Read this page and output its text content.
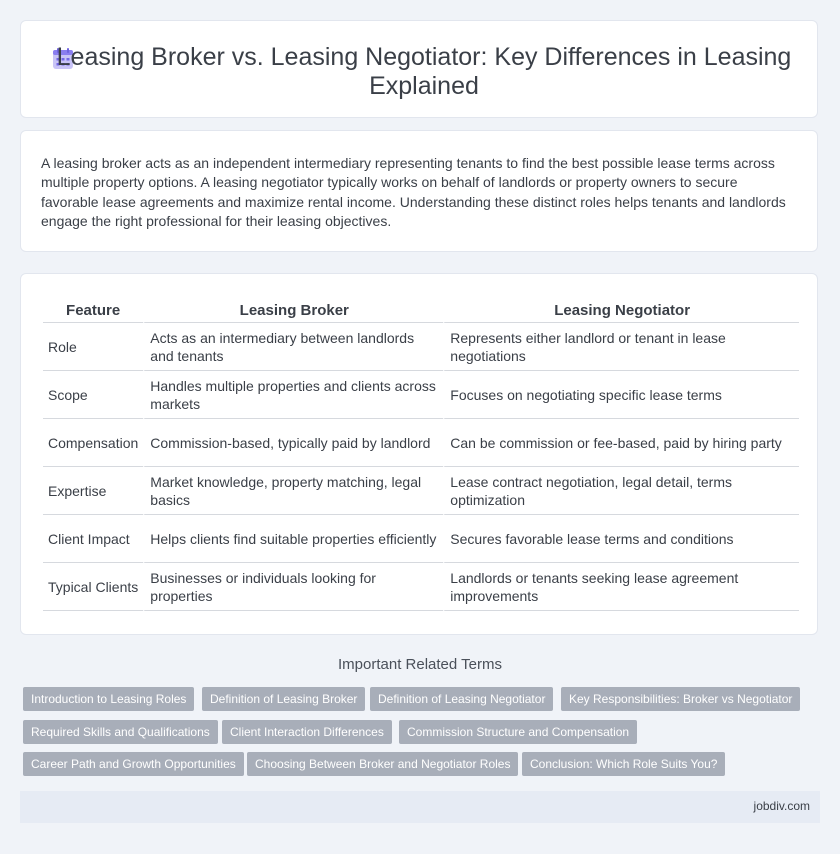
Leasing Broker vs. Leasing Negotiator: Key Differences in Leasing Explained

A leasing broker acts as an independent intermediary representing tenants to find the best possible lease terms across multiple property options. A leasing negotiator typically works on behalf of landlords or property owners to secure favorable lease agreements and maximize rental income. Understanding these distinct roles helps tenants and landlords engage the right professional for their leasing objectives.

Feature	Leasing Broker	Leasing Negotiator
Role	Acts as an intermediary between landlords and tenants	Represents either landlord or tenant in lease negotiations
Scope	Handles multiple properties and clients across markets	Focuses on negotiating specific lease terms
Compensation	Commission-based, typically paid by landlord	Can be commission or fee-based, paid by hiring party
Expertise	Market knowledge, property matching, legal basics	Lease contract negotiation, legal detail, terms optimization
Client Impact	Helps clients find suitable properties efficiently	Secures favorable lease terms and conditions
Typical Clients	Businesses or individuals looking for properties	Landlords or tenants seeking lease agreement improvements
Important Related Terms
Introduction to Leasing Roles	Definition of Leasing Broker	Definition of Leasing Negotiator	Key Responsibilities: Broker vs Negotiator
Required Skills and Qualifications	Client Interaction Differences	Commission Structure and Compensation
Career Path and Growth Opportunities	Choosing Between Broker and Negotiator Roles	Conclusion: Which Role Suits You?
jobdiv.com
